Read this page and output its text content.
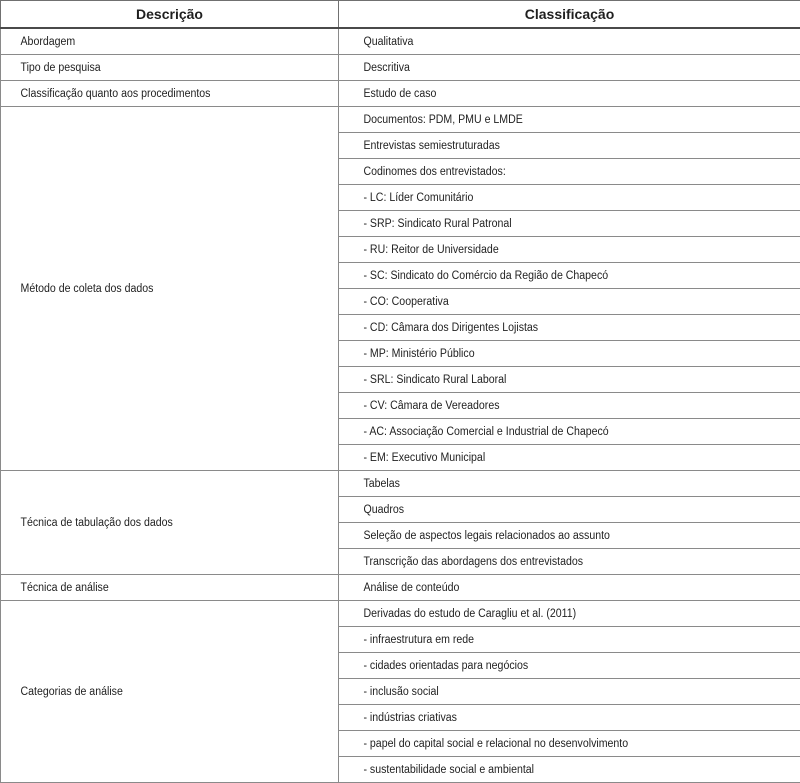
Descrição	Classificação
Abordagem	Qualitativa
Tipo de pesquisa	Descritiva
Classificação quanto aos procedimentos	Estudo de caso
Método de coleta dos dados	Documentos: PDM, PMU e LMDE
	Entrevistas semiestruturadas
	Codinomes dos entrevistados:
	- LC: Líder Comunitário
	- SRP: Sindicato Rural Patronal
	- RU: Reitor de Universidade
	- SC: Sindicato do Comércio da Região de Chapecó
	- CO: Cooperativa
	- CD: Câmara dos Dirigentes Lojistas
	- MP: Ministério Público
	- SRL: Sindicato Rural Laboral
	- CV: Câmara de Vereadores
	- AC: Associação Comercial e Industrial de Chapecó
	- EM: Executivo Municipal
Técnica de tabulação dos dados	Tabelas
	Quadros
	Seleção de aspectos legais relacionados ao assunto
	Transcrição das abordagens dos entrevistados
Técnica de análise	Análise de conteúdo
Categorias de análise	Derivadas do estudo de Caragliu et al. (2011)
	- infraestrutura em rede
	- cidades orientadas para negócios
	- inclusão social
	- indústrias criativas
	- papel do capital social e relacional no desenvolvimento
	- sustentabilidade social e ambiental
